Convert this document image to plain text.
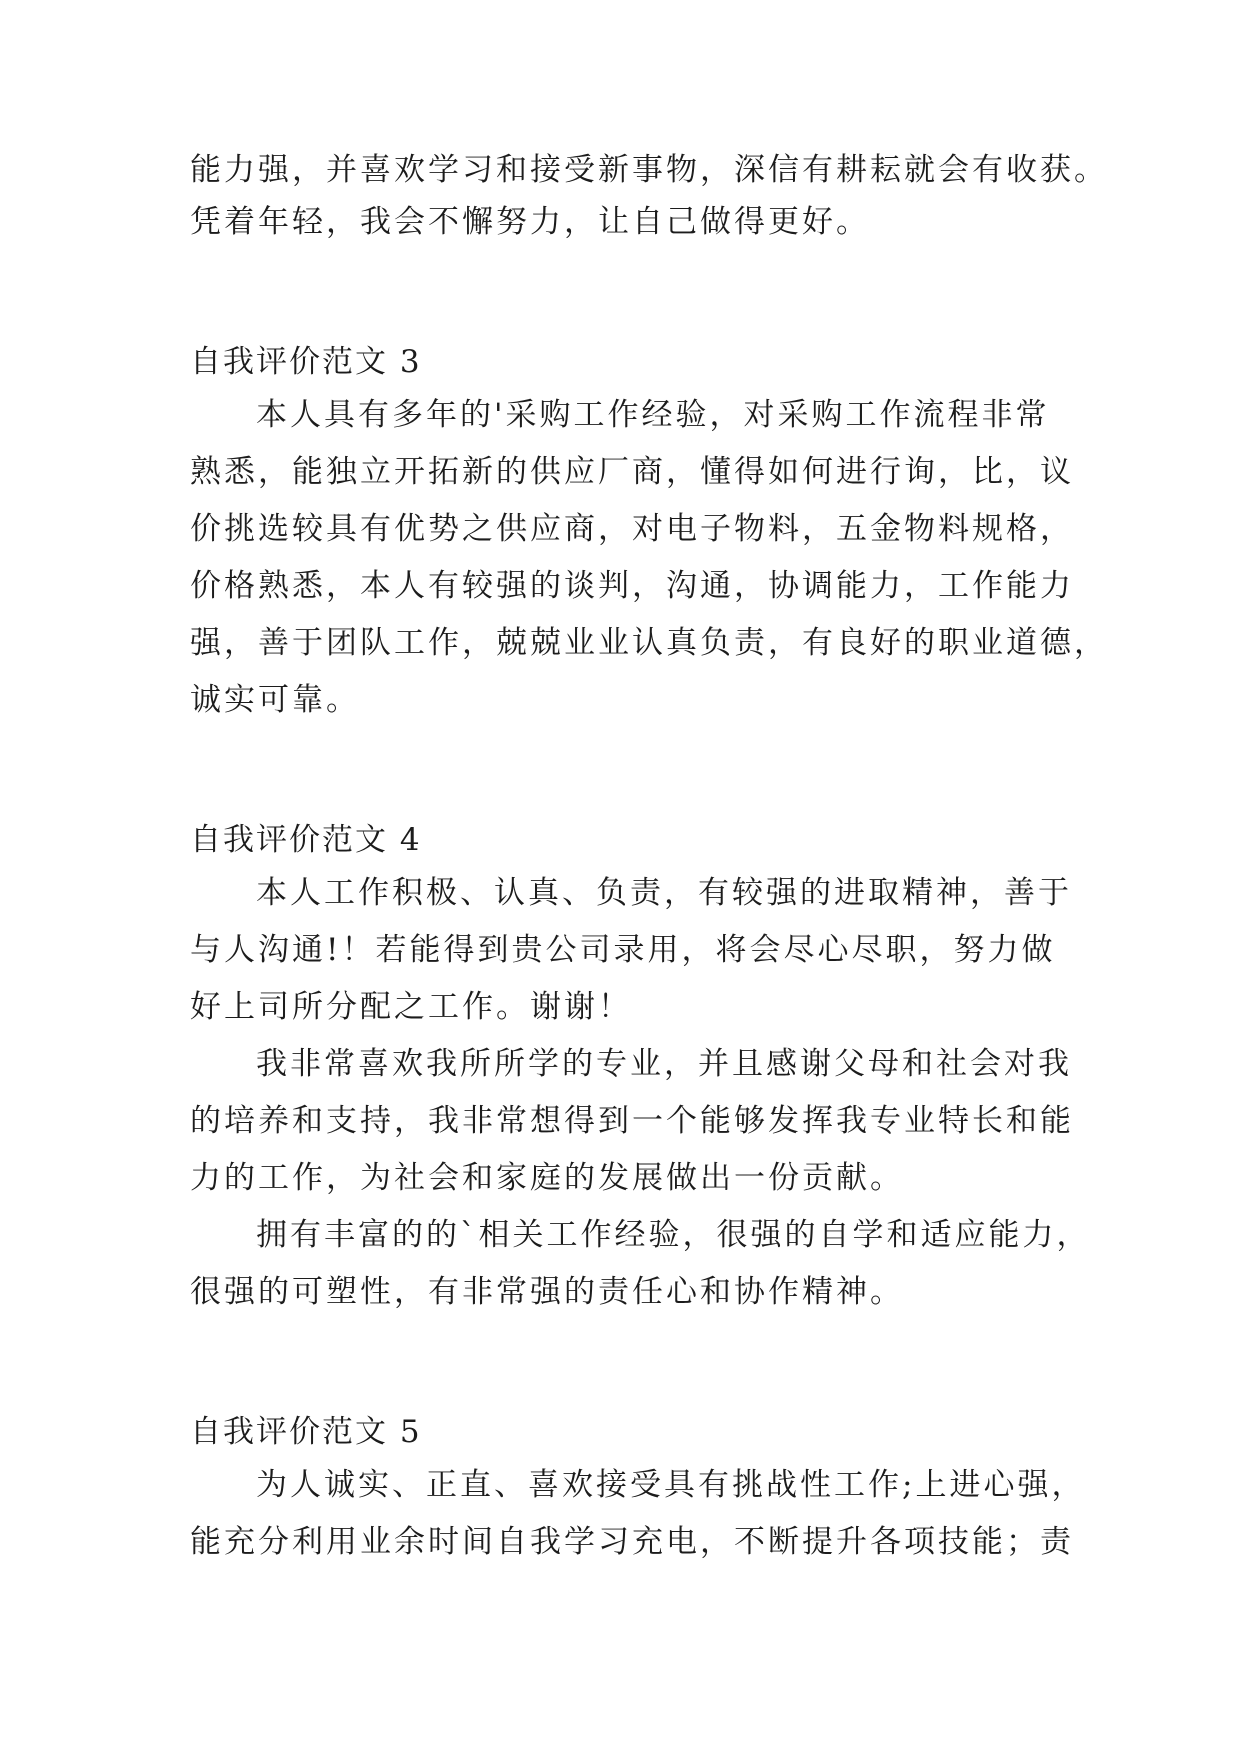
能力强，并喜欢学习和接受新事物，深信有耕耘就会有收获。
凭着年轻，我会不懈努力，让自己做得更好。
自我评价范文 3
本人具有多年的'采购工作经验，对采购工作流程非常
熟悉，能独立开拓新的供应厂商，懂得如何进行询，比，议
价挑选较具有优势之供应商，对电子物料，五金物料规格，
价格熟悉，本人有较强的谈判，沟通，协调能力，工作能力
强，善于团队工作，兢兢业业认真负责，有良好的职业道德，
诚实可靠。
自我评价范文 4
本人工作积极、认真、负责，有较强的进取精神，善于
与人沟通!！若能得到贵公司录用，将会尽心尽职，努力做
好上司所分配之工作。谢谢！
我非常喜欢我所所学的专业，并且感谢父母和社会对我
的培养和支持，我非常想得到一个能够发挥我专业特长和能
力的工作，为社会和家庭的发展做出一份贡献。
拥有丰富的的`相关工作经验，很强的自学和适应能力，
很强的可塑性，有非常强的责任心和协作精神。
自我评价范文 5
为人诚实、正直、喜欢接受具有挑战性工作;上进心强，
能充分利用业余时间自我学习充电，不断提升各项技能；责
